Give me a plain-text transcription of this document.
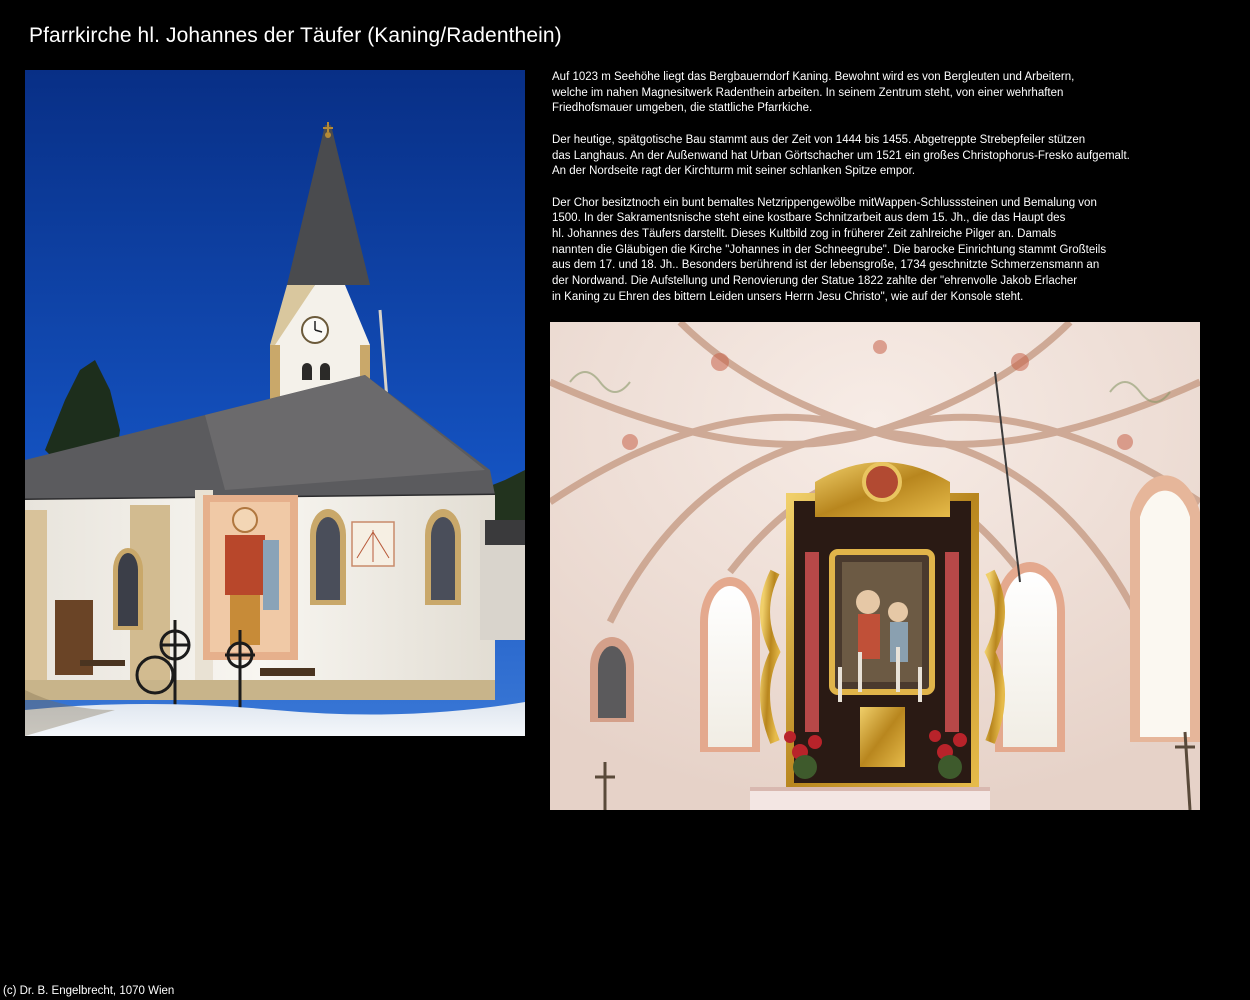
Pfarrkirche hl. Johannes der Täufer (Kaning/Radenthein)

Auf 1023 m Seehöhe liegt das Bergbauerndorf Kaning. Bewohnt wird es von Bergleuten und Arbeitern,
welche im nahen Magnesitwerk Radenthein arbeiten. In seinem Zentrum steht, von einer wehrhaften
Friedhofsmauer umgeben, die stattliche Pfarrkiche.

Der heutige, spätgotische Bau stammt aus der Zeit von 1444 bis 1455. Abgetreppte Strebepfeiler stützen
das Langhaus. An der Außenwand hat Urban Görtschacher um 1521 ein großes Christophorus-Fresko aufgemalt.
An der Nordseite ragt der Kirchturm mit seiner schlanken Spitze empor.

Der Chor besitztnoch ein bunt bemaltes Netzrippengewölbe mitWappen-Schlusssteinen und Bemalung von
1500. In der Sakramentsnische steht eine kostbare Schnitzarbeit aus dem 15. Jh., die das Haupt des
hl. Johannes des Täufers darstellt. Dieses Kultbild zog in früherer Zeit zahlreiche Pilger an. Damals
nannten die Gläubigen die Kirche "Johannes in der Schneegrube". Die barocke Einrichtung stammt Großteils
aus dem 17. und 18. Jh.. Besonders berührend ist der lebensgroße, 1734 geschnitzte Schmerzensmann an
der Nordwand. Die Aufstellung und Renovierung der Statue 1822 zahlte der "ehrenvolle Jakob Erlacher
in Kaning zu Ehren des bittern Leiden unsers Herrn Jesu Christo", wie auf der Konsole steht.

(c) Dr. B. Engelbrecht, 1070 Wien
